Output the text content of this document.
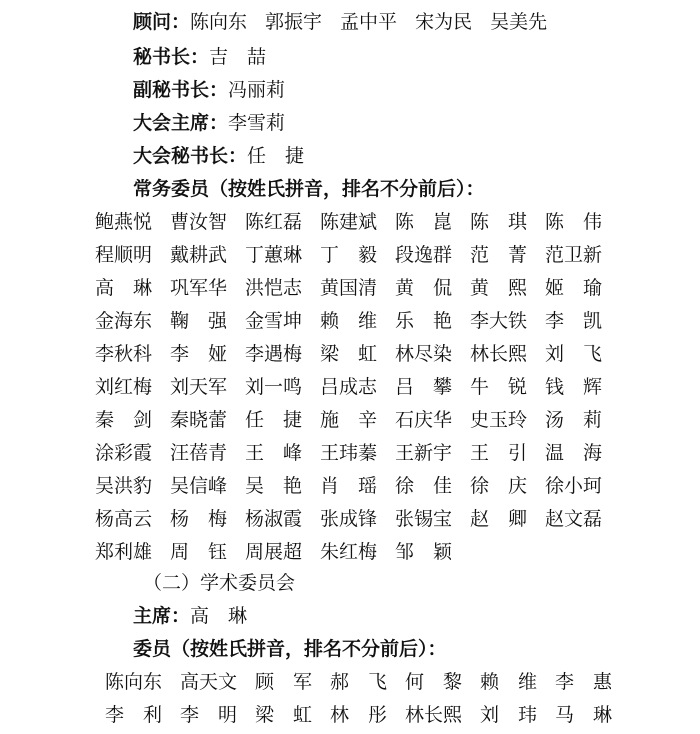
顾问：陈向东 郭振宇 孟中平 宋为民 吴美先
秘书长：吉　喆
副秘书长：冯丽莉
大会主席：李雪莉
大会秘书长：任　捷
常务委员（按姓氏拼音，排名不分前后）：
鲍燕悦 曹汝智 陈红磊 陈建斌 陈　崑 陈　琪 陈　伟
程顺明 戴耕武 丁蕙琳 丁　毅 段逸群 范　菁 范卫新
高　琳 巩军华 洪恺志 黄国清 黄　侃 黄　熙 姬　瑜
金海东 鞠　强 金雪坤 赖　维 乐　艳 李大铁 李　凯
李秋科 李　娅 李遇梅 梁　虹 林尽染 林长熙 刘　飞
刘红梅 刘天军 刘一鸣 吕成志 吕　攀 牛　锐 钱　辉
秦　剑 秦晓蕾 任　捷 施　辛 石庆华 史玉玲 汤　莉
涂彩霞 汪蓓青 王　峰 王玮蓁 王新宇 王　引 温　海
吴洪豹 吴信峰 吴　艳 肖　瑶 徐　佳 徐　庆 徐小珂
杨高云 杨　梅 杨淑霞 张成锋 张锡宝 赵　卿 赵文磊
郑利雄 周　钰 周展超 朱红梅 邹　颖
（二）学术委员会
主席：高　琳
委员（按姓氏拼音，排名不分前后）：
陈向东 高天文 顾　军 郝　飞 何　黎 赖　维 李　惠
李　利 李　明 梁　虹 林　彤 林长熙 刘　玮 马　琳
